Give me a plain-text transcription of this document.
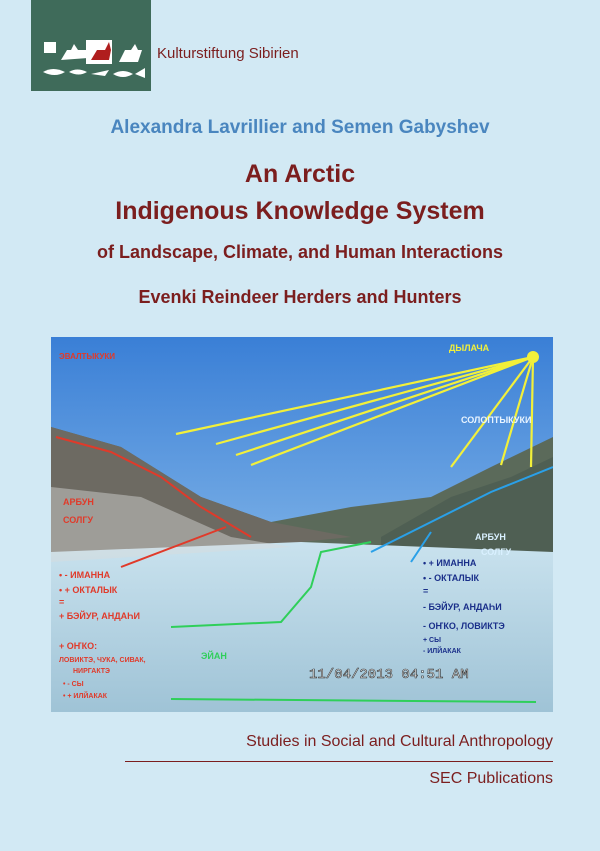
Kulturstiftung Sibirien
Alexandra Lavrillier and Semen Gabyshev
An Arctic
Indigenous Knowledge System
of Landscape, Climate, and Human Interactions
Evenki Reindeer Herders and Hunters
ЭВАЛТЫКУКИ
ДЫЛАЧА
СОЛОПТЫКУКИ
АРБУН
СОЛГУ
АРБУН
СОЛГУ
• - ИМАННА
• + ОКТАЛЫК
=
+ БЭЙУР, АНДАҺИ
+ ОҤКО:
ЛОВИКТЭ, ЧУКА, СИВАК,
НИРГАКТЭ
• - СЫ
• + ИЛЙАКАК
• + ИМАННА
• - ОКТАЛЫК
=
- БЭЙУР, АНДАҺИ
- ОҤКО, ЛОВИКТЭ
+ СЫ
- ИЛЙАКАК
ЭЙАН
11/04/2013 04:51 AM
Studies in Social and Cultural Anthropology
SEC Publications
